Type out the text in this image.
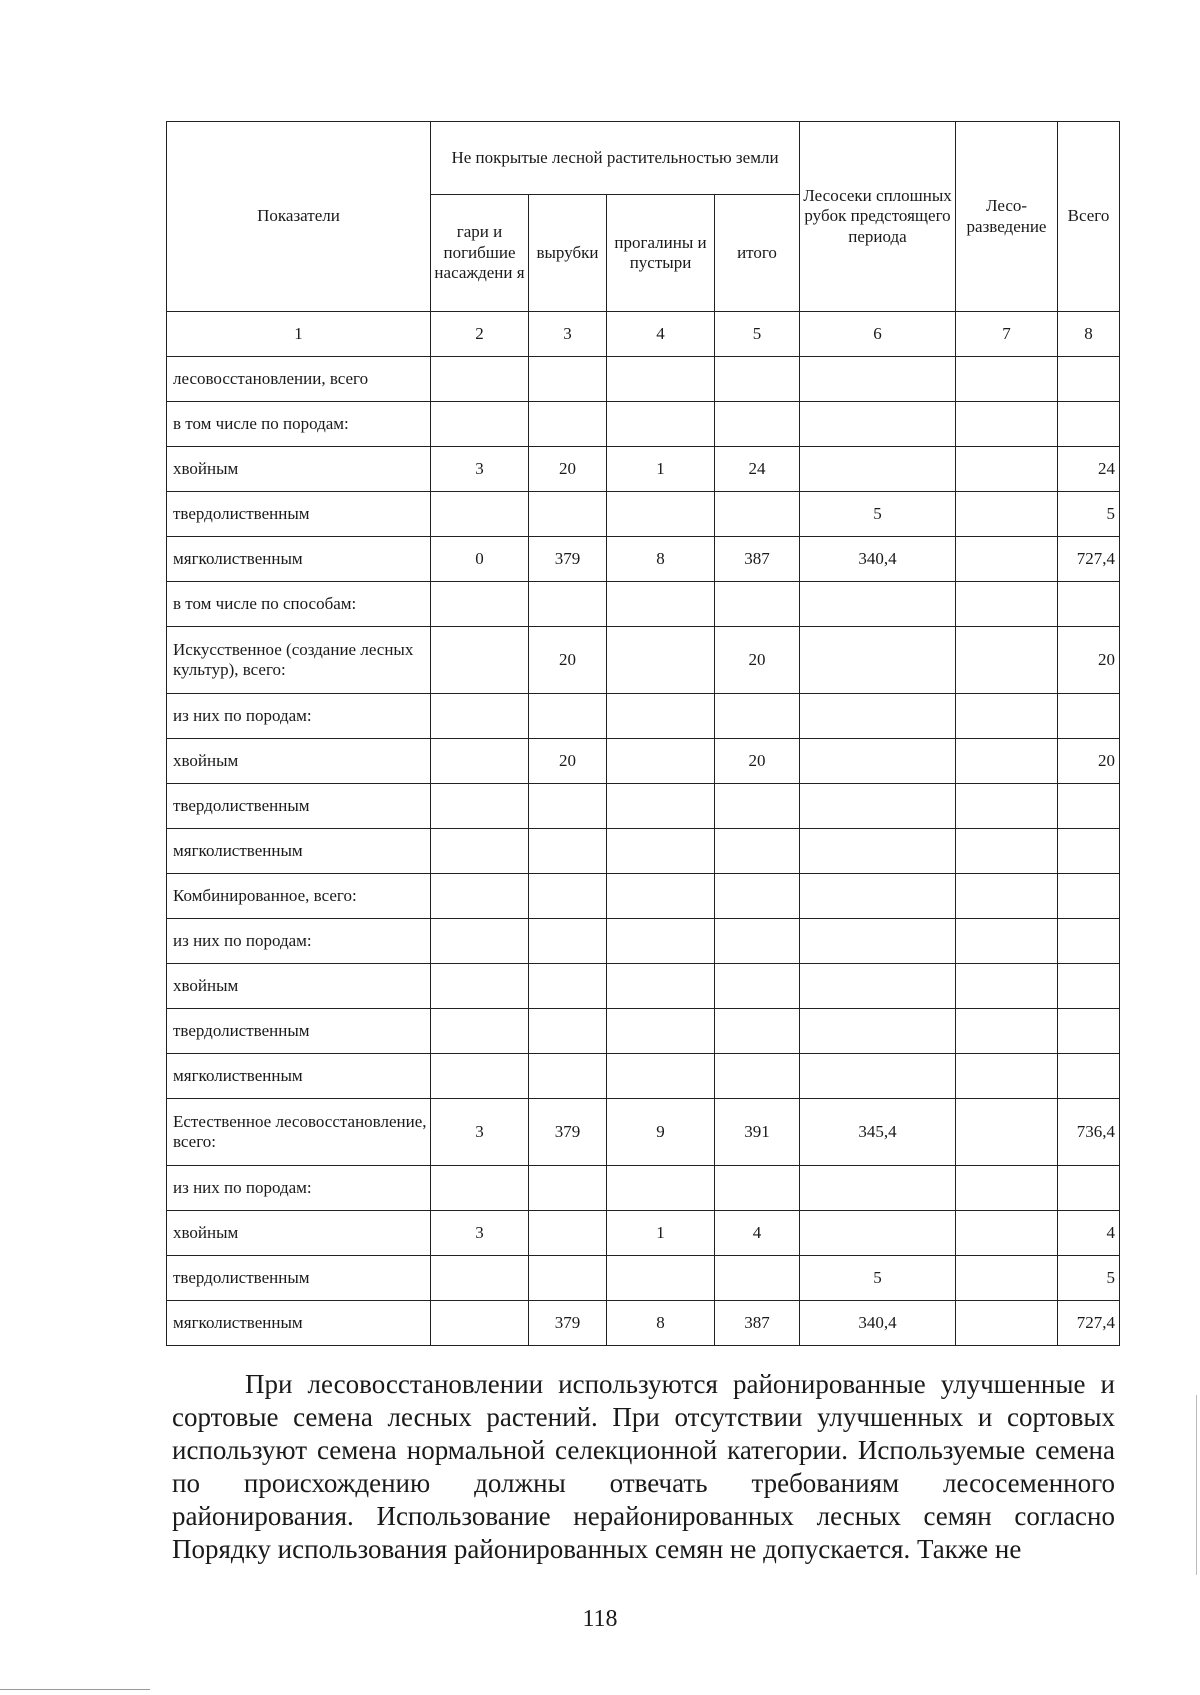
Показатели	Не покрытые лесной растительностью земли				Лесосеки сплошных рубок предстоящего периода	Лесо-разведение	Всего
	гари и погибшие насаждени я	вырубки	прогалины и пустыри	итого			
1	2	3	4	5	6	7	8
лесовосстановлении, всего							
в том числе по породам:							
хвойным	3	20	1	24			24
твердолиственным					5		5
мягколиственным	0	379	8	387	340,4		727,4
в том числе по способам:							
Искусственное (создание лесных культур), всего:		20		20			20
из них по породам:							
хвойным		20		20			20
твердолиственным							
мягколиственным							
Комбинированное, всего:							
из них по породам:							
хвойным							
твердолиственным							
мягколиственным							
Естественное лесовосстановление, всего:	3	379	9	391	345,4		736,4
из них по породам:							
хвойным	3		1	4			4
твердолиственным					5		5
мягколиственным		379	8	387	340,4		727,4

При лесовосстановлении используются районированные улучшенные и сортовые семена лесных растений. При отсутствии улучшенных и сортовых используют семена нормальной селекционной категории. Используемые семена по происхождению должны отвечать требованиям лесосеменного районирования. Использование нерайонированных лесных семян согласно Порядку использования районированных семян не допускается. Также не

118
